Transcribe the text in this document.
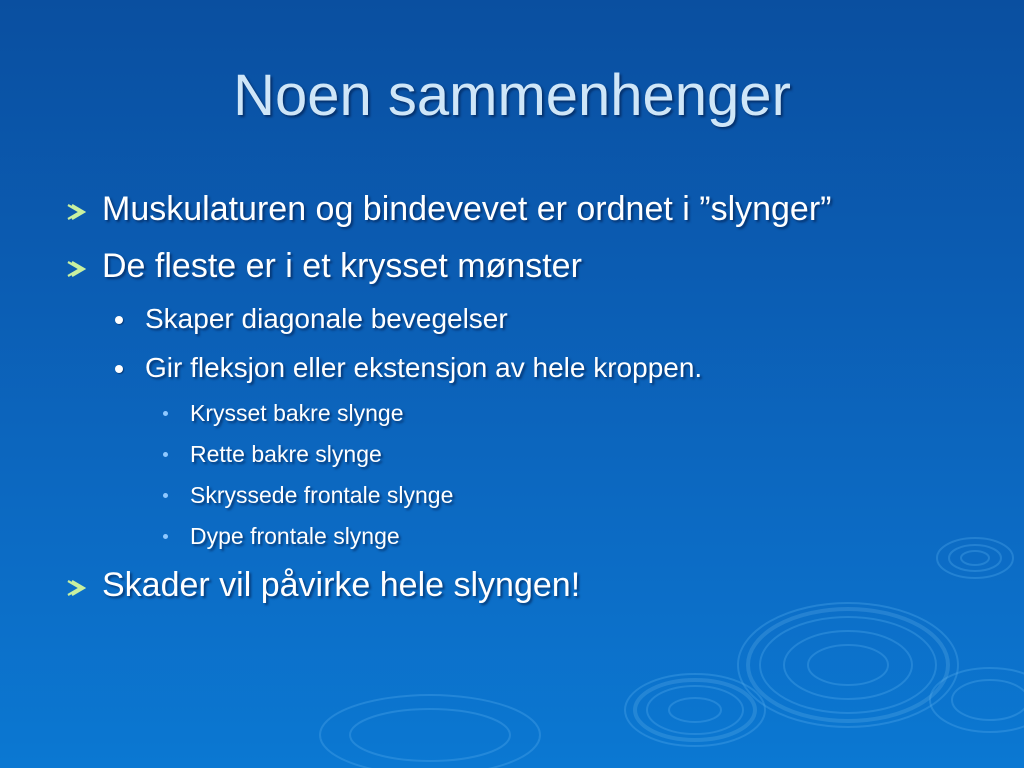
Noen sammenhenger
Muskulaturen og bindevevet er ordnet i ”slynger”
De fleste er i et krysset mønster
Skaper diagonale bevegelser
Gir fleksjon eller ekstensjon av hele kroppen.
Krysset bakre slynge
Rette bakre slynge
Skryssede frontale slynge
Dype frontale slynge
Skader vil påvirke hele slyngen!
